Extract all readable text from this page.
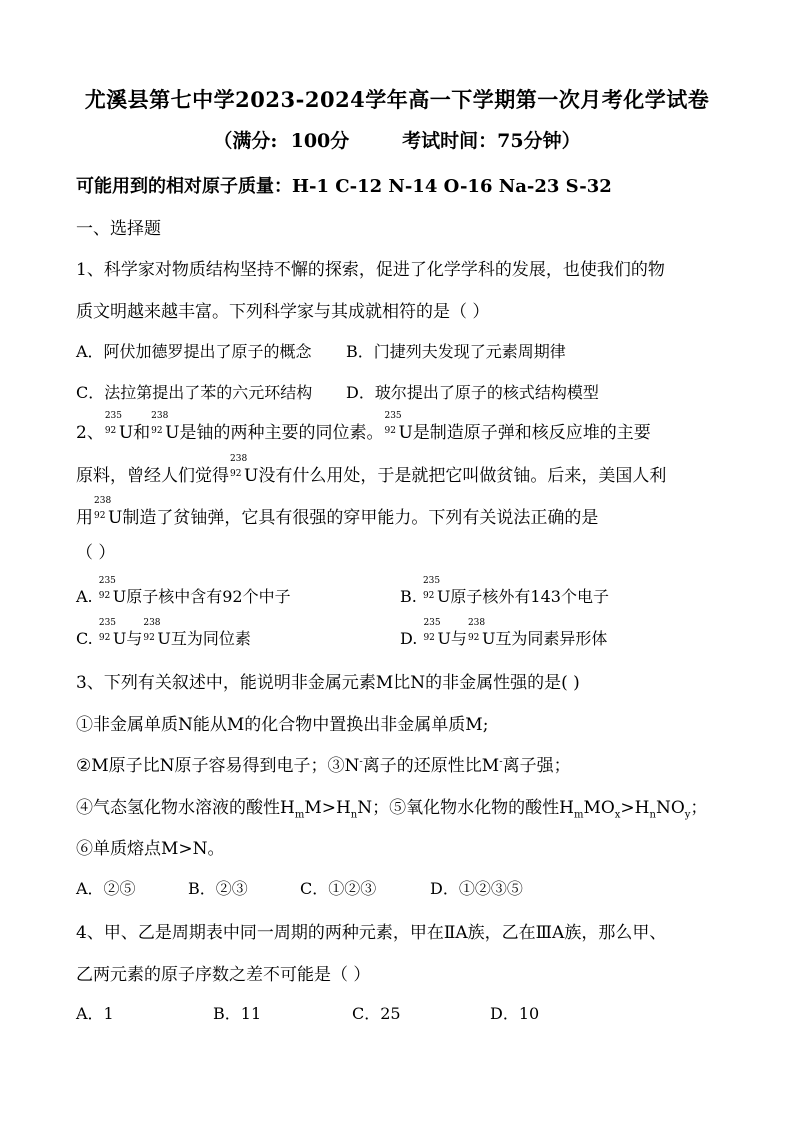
尤溪县第七中学2023-2024学年高一下学期第一次月考化学试卷
（满分:  100分        考试时间：75分钟）
可能用到的相对原子质量：H-1 C-12 N-14 O-16 Na-23 S-32
一、选择题
1、科学家对物质结构坚持不懈的探索，促进了化学学科的发展，也使我们的物
质文明越来越丰富。下列科学家与其成就相符的是（ ）
A．阿伏加德罗提出了原子的概念 B．门捷列夫发现了元素周期律
C．法拉第提出了苯的六元环结构 D．玻尔提出了原子的核式结构模型
2、
235
92 U和
238
92 U是铀的两种主要的同位素。
235
92 U是制造原子弹和核反应堆的主要
原料，曾经人们觉得
238
92 U没有什么用处，于是就把它叫做贫铀。后来，美国人利
用
238
92 U制造了贫铀弹，它具有很强的穿甲能力。下列有关说法正确的是
（ ）
A.
235
92 U原子核中含有92个中子	B.
235
92 U原子核外有143个电子
C.
235
92 U与
238
92 U互为同位素	D.
235
92 U与
238
92 U互为同素异形体
3、下列有关叙述中，能说明非金属元素M比N的非金属性强的是( )
①非金属单质N能从M的化合物中置换出非金属单质M;
②M原子比N原子容易得到电子；③N-离子的还原性比M-离子强；
④气态氢化物水溶液的酸性$H_mM>H_nN$；⑤氧化物水化物的酸性$H_mMO_x>H_nNO_y$；
⑥单质熔点M>N。
A．②⑤	B．②③	C．①②③	D．①②③⑤
4、甲、乙是周期表中同一周期的两种元素，甲在ⅡA族，乙在ⅢA族，那么甲、
乙两元素的原子序数之差不可能是（ ）
A．1	B．11	C．25	D．10
